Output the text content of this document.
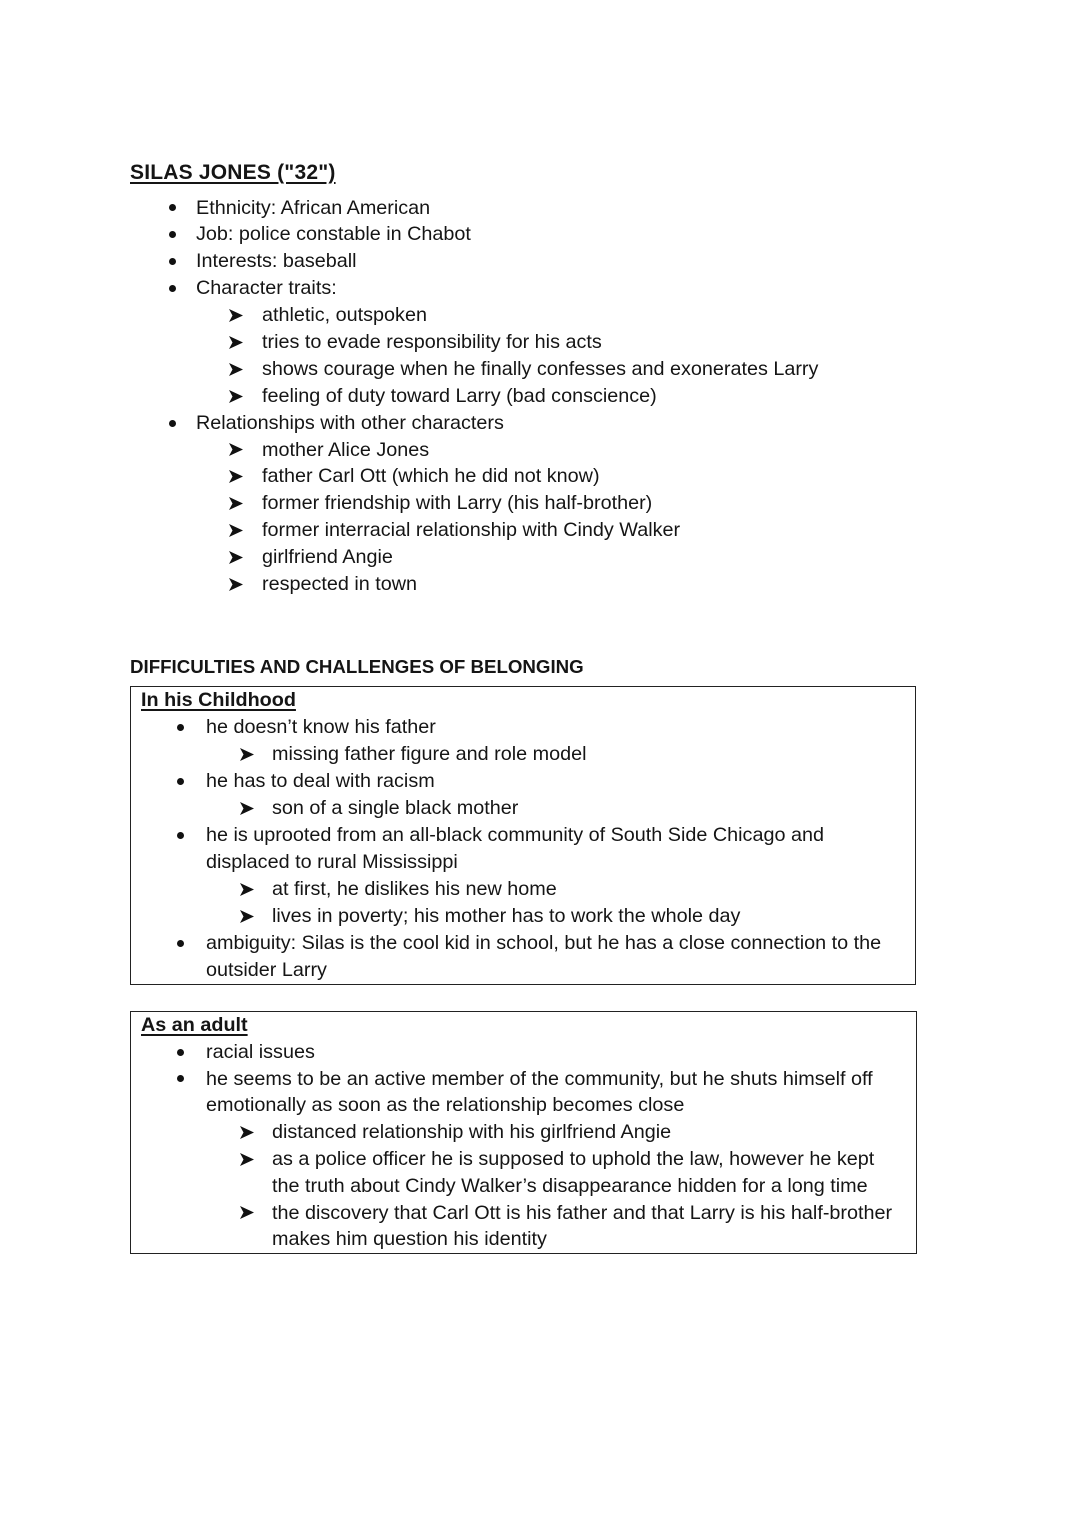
SILAS JONES ("32")
Ethnicity: African American
Job: police constable in Chabot
Interests: baseball
Character traits:
athletic, outspoken
tries to evade responsibility for his acts
shows courage when he finally confesses and exonerates Larry
feeling of duty toward Larry (bad conscience)
Relationships with other characters
mother Alice Jones
father Carl Ott (which he did not know)
former friendship with Larry (his half-brother)
former interracial relationship with Cindy Walker
girlfriend Angie
respected in town
DIFFICULTIES AND CHALLENGES OF BELONGING
In his Childhood
he doesn’t know his father
missing father figure and role model
he has to deal with racism
son of a single black mother
he is uprooted from an all-black community of South Side Chicago and
displaced to rural Mississippi
at first, he dislikes his new home
lives in poverty; his mother has to work the whole day
ambiguity: Silas is the cool kid in school, but he has a close connection to the
outsider Larry
As an adult
racial issues
he seems to be an active member of the community, but he shuts himself off
emotionally as soon as the relationship becomes close
distanced relationship with his girlfriend Angie
as a police officer he is supposed to uphold the law, however he kept
the truth about Cindy Walker’s disappearance hidden for a long time
the discovery that Carl Ott is his father and that Larry is his half-brother
makes him question his identity
